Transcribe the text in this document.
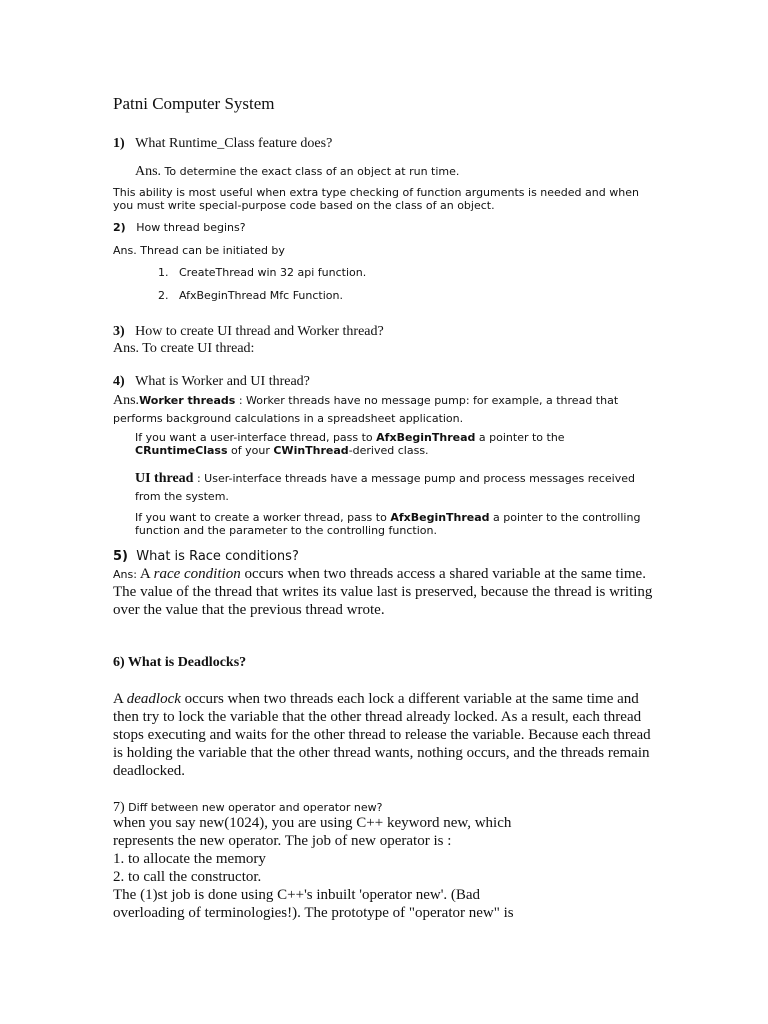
Patni Computer System
1) What Runtime_Class feature does?
Ans. To determine the exact class of an object at run time.
This ability is most useful when extra type checking of function arguments is needed and when you must write special-purpose code based on the class of an object.
2) How thread begins?
Ans. Thread can be initiated by
1. CreateThread win 32 api function.
2. AfxBeginThread Mfc Function.
3) How to create UI thread and Worker thread?
Ans. To create UI thread:
4) What is Worker and UI thread?
Ans.Worker threads : Worker threads have no message pump: for example, a thread that performs background calculations in a spreadsheet application.
If you want a user-interface thread, pass to AfxBeginThread a pointer to the CRuntimeClass of your CWinThread-derived class.
UI thread : User-interface threads have a message pump and process messages received from the system.
If you want to create a worker thread, pass to AfxBeginThread a pointer to the controlling function and the parameter to the controlling function.
5) What is Race conditions?
Ans: A race condition occurs when two threads access a shared variable at the same time. The value of the thread that writes its value last is preserved, because the thread is writing over the value that the previous thread wrote.
6) What is Deadlocks?
A deadlock occurs when two threads each lock a different variable at the same time and then try to lock the variable that the other thread already locked. As a result, each thread stops executing and waits for the other thread to release the variable. Because each thread is holding the variable that the other thread wants, nothing occurs, and the threads remain deadlocked.
7) Diff between new operator and operator new?
when you say new(1024), you are using C++ keyword new, which
represents the new operator. The job of new operator is :
1. to allocate the memory
2. to call the constructor.
The (1)st job is done using C++'s inbuilt 'operator new'. (Bad
overloading of terminologies!). The prototype of "operator new" is
